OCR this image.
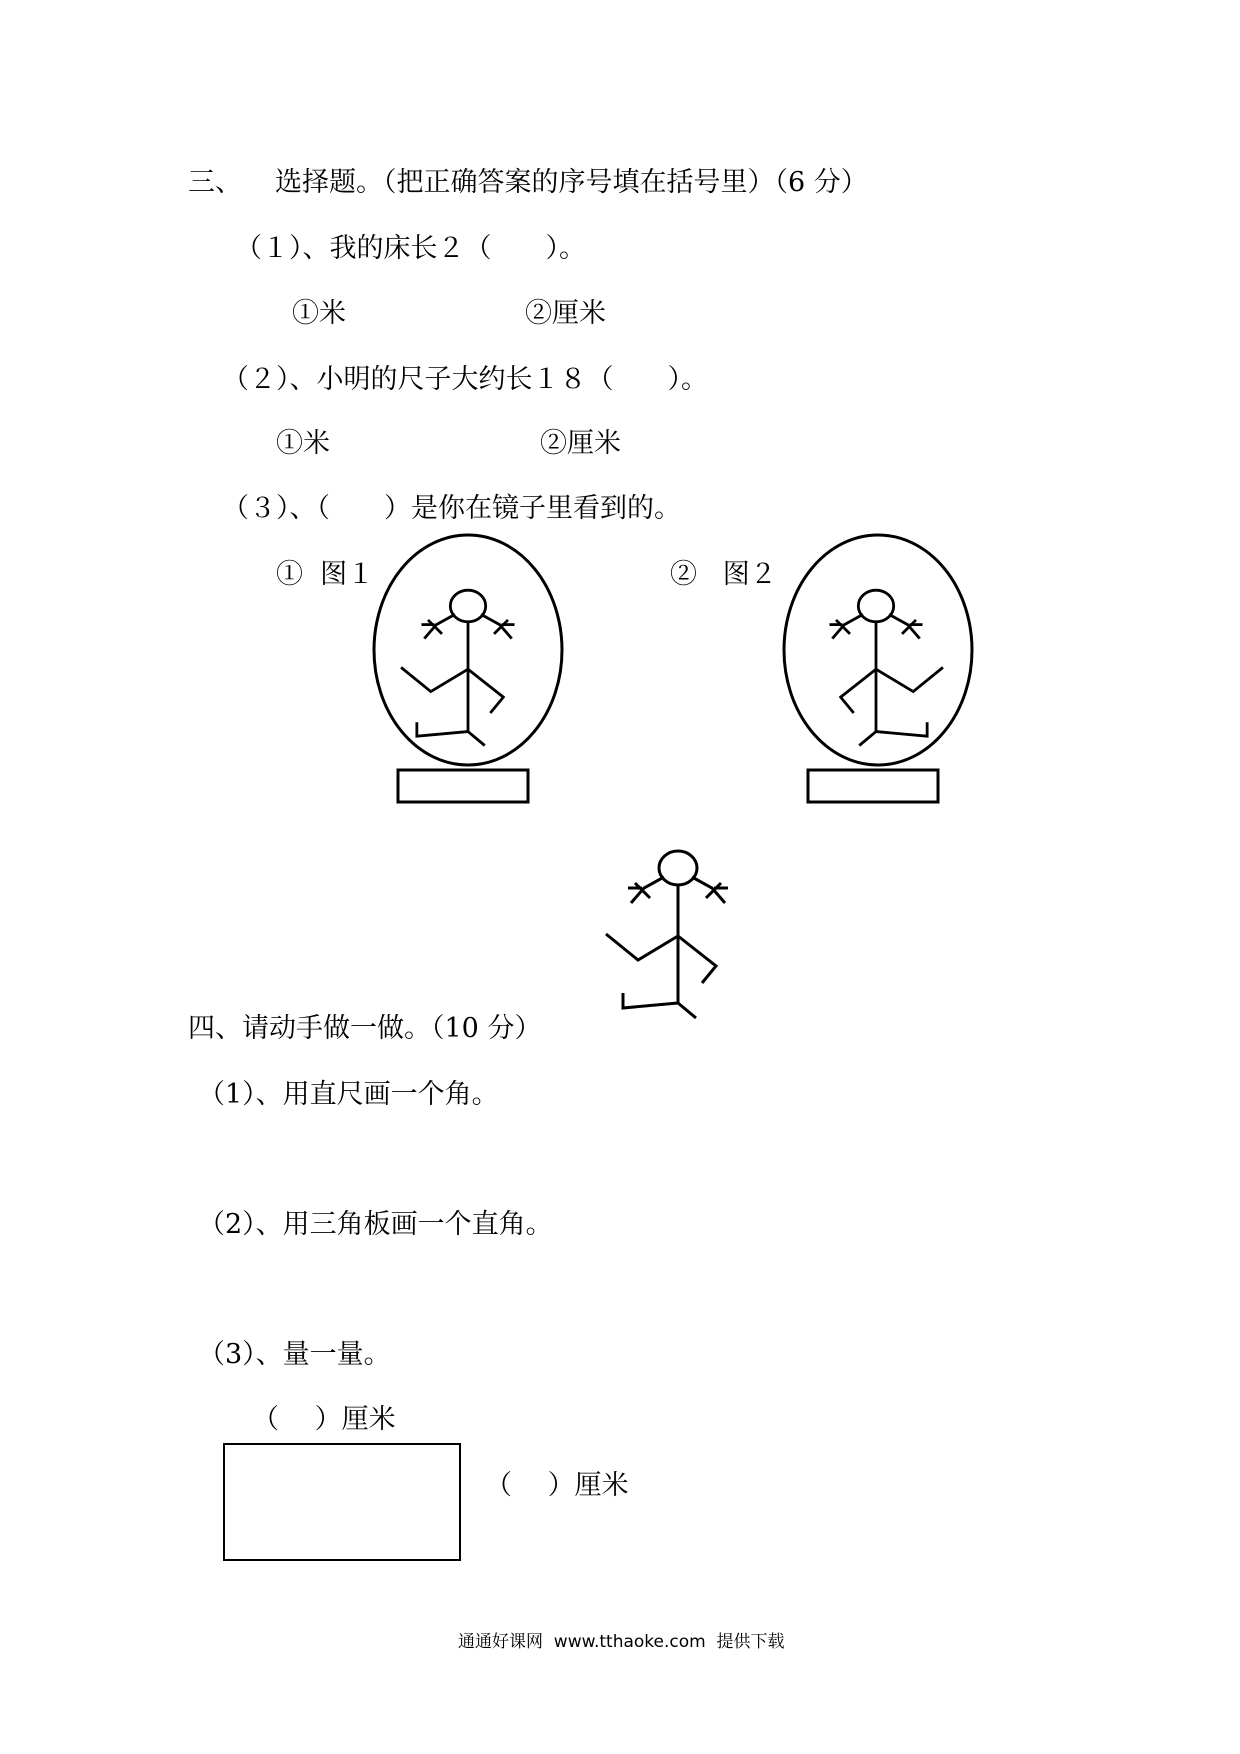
三、 选择题。（把正确答案的序号填在括号里）（6 分）
（１）、我的床长２（　　）。
①米	②厘米
（２）、小明的尺子大约长１８（　　）。
①米	②厘米
（３）、（　　）是你在镜子里看到的。
①  图１	②   图２
四、请动手做一做。（10 分）
（1）、用直尺画一个角。
（2）、用三角板画一个直角。
（3）、量一量。
（　 ）厘米
（　 ）厘米
通通好课网  www.tthaoke.com  提供下载
